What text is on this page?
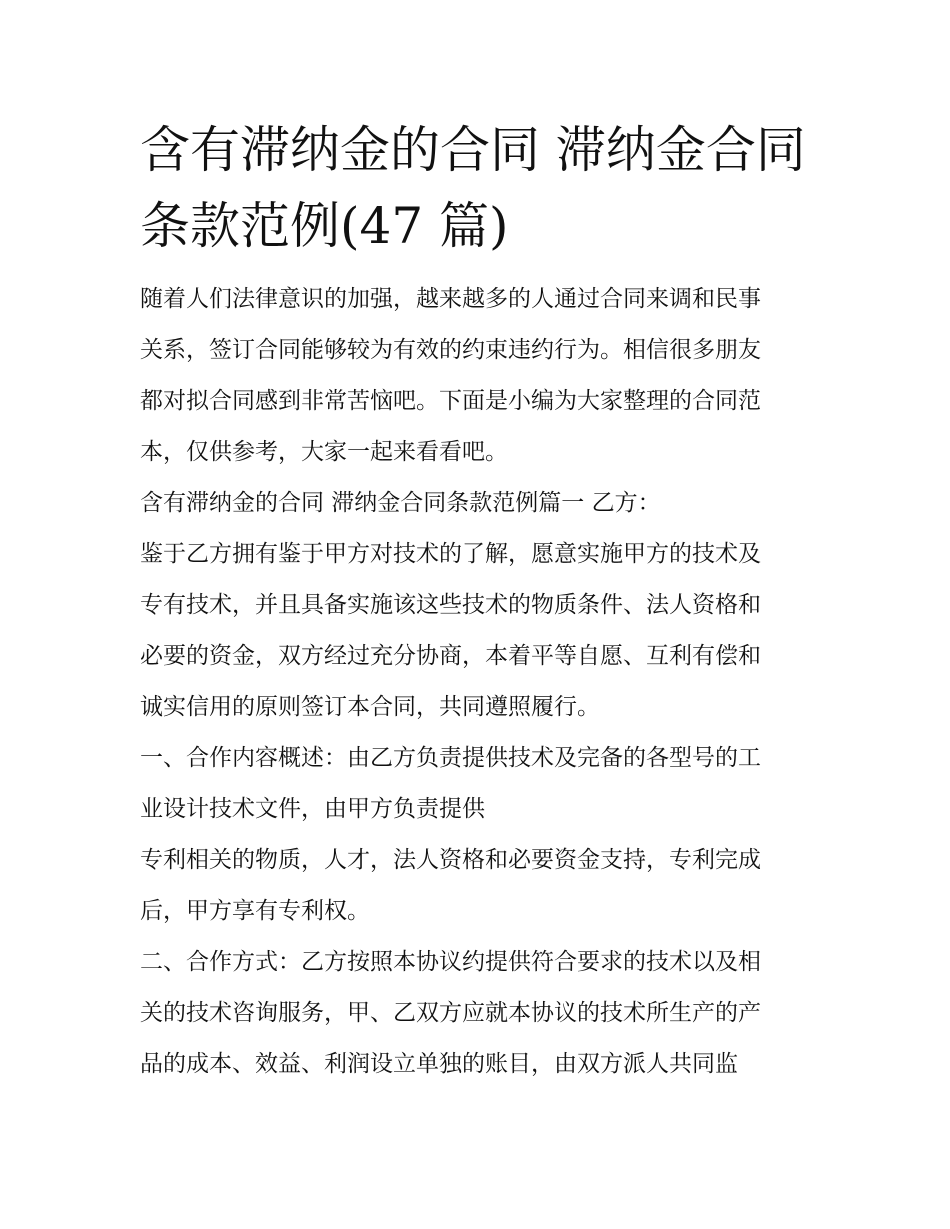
含有滞纳金的合同 滞纳金合同
条款范例(47 篇)

随着人们法律意识的加强，越来越多的人通过合同来调和民事
关系，签订合同能够较为有效的约束违约行为。相信很多朋友
都对拟合同感到非常苦恼吧。下面是小编为大家整理的合同范
本，仅供参考，大家一起来看看吧。

含有滞纳金的合同 滞纳金合同条款范例篇一 乙方：

鉴于乙方拥有鉴于甲方对技术的了解，愿意实施甲方的技术及
专有技术，并且具备实施该这些技术的物质条件、法人资格和
必要的资金，双方经过充分协商，本着平等自愿、互利有偿和
诚实信用的原则签订本合同，共同遵照履行。

一、合作内容概述：由乙方负责提供技术及完备的各型号的工
业设计技术文件，由甲方负责提供

专利相关的物质，人才，法人资格和必要资金支持，专利完成
后，甲方享有专利权。

二、合作方式：乙方按照本协议约提供符合要求的技术以及相
关的技术咨询服务，甲、乙双方应就本协议的技术所生产的产
品的成本、效益、利润设立单独的账目，由双方派人共同监
